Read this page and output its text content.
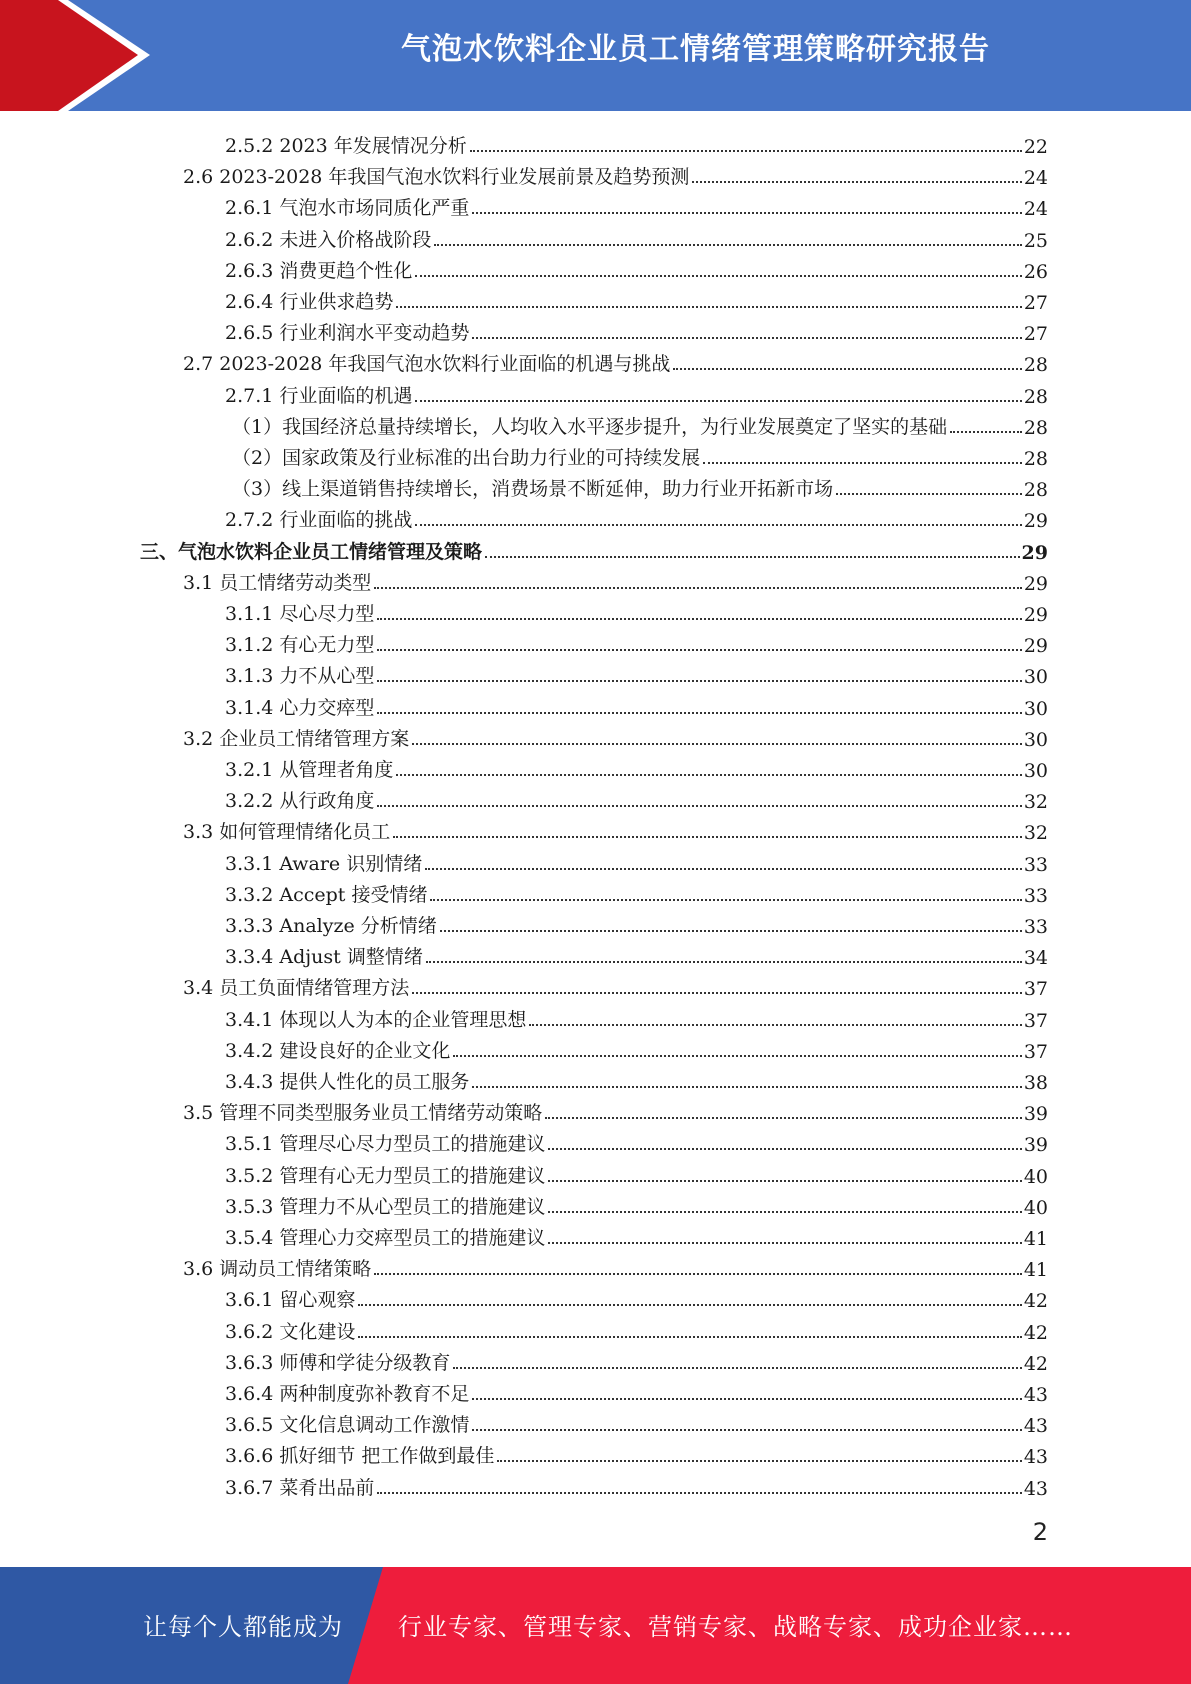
气泡水饮料企业员工情绪管理策略研究报告
2.5.2 2023 年发展情况分析	22
2.6 2023-2028 年我国气泡水饮料行业发展前景及趋势预测	24
2.6.1 气泡水市场同质化严重	24
2.6.2 未进入价格战阶段	25
2.6.3 消费更趋个性化	26
2.6.4 行业供求趋势	27
2.6.5 行业利润水平变动趋势	27
2.7 2023-2028 年我国气泡水饮料行业面临的机遇与挑战	28
2.7.1 行业面临的机遇	28
（1）我国经济总量持续增长，人均收入水平逐步提升，为行业发展奠定了坚实的基础	28
（2）国家政策及行业标准的出台助力行业的可持续发展	28
（3）线上渠道销售持续增长，消费场景不断延伸，助力行业开拓新市场	28
2.7.2 行业面临的挑战	29
三、气泡水饮料企业员工情绪管理及策略	29
3.1 员工情绪劳动类型	29
3.1.1 尽心尽力型	29
3.1.2 有心无力型	29
3.1.3 力不从心型	30
3.1.4 心力交瘁型	30
3.2 企业员工情绪管理方案	30
3.2.1 从管理者角度	30
3.2.2 从行政角度	32
3.3 如何管理情绪化员工	32
3.3.1 Aware 识别情绪	33
3.3.2 Accept 接受情绪	33
3.3.3 Analyze 分析情绪	33
3.3.4 Adjust 调整情绪	34
3.4 员工负面情绪管理方法	37
3.4.1 体现以人为本的企业管理思想	37
3.4.2 建设良好的企业文化	37
3.4.3 提供人性化的员工服务	38
3.5 管理不同类型服务业员工情绪劳动策略	39
3.5.1 管理尽心尽力型员工的措施建议	39
3.5.2 管理有心无力型员工的措施建议	40
3.5.3 管理力不从心型员工的措施建议	40
3.5.4 管理心力交瘁型员工的措施建议	41
3.6 调动员工情绪策略	41
3.6.1 留心观察	42
3.6.2 文化建设	42
3.6.3 师傅和学徒分级教育	42
3.6.4 两种制度弥补教育不足	43
3.6.5 文化信息调动工作激情	43
3.6.6 抓好细节 把工作做到最佳	43
3.6.7 菜肴出品前	43
2
让每个人都能成为 行业专家、管理专家、营销专家、战略专家、成功企业家……
